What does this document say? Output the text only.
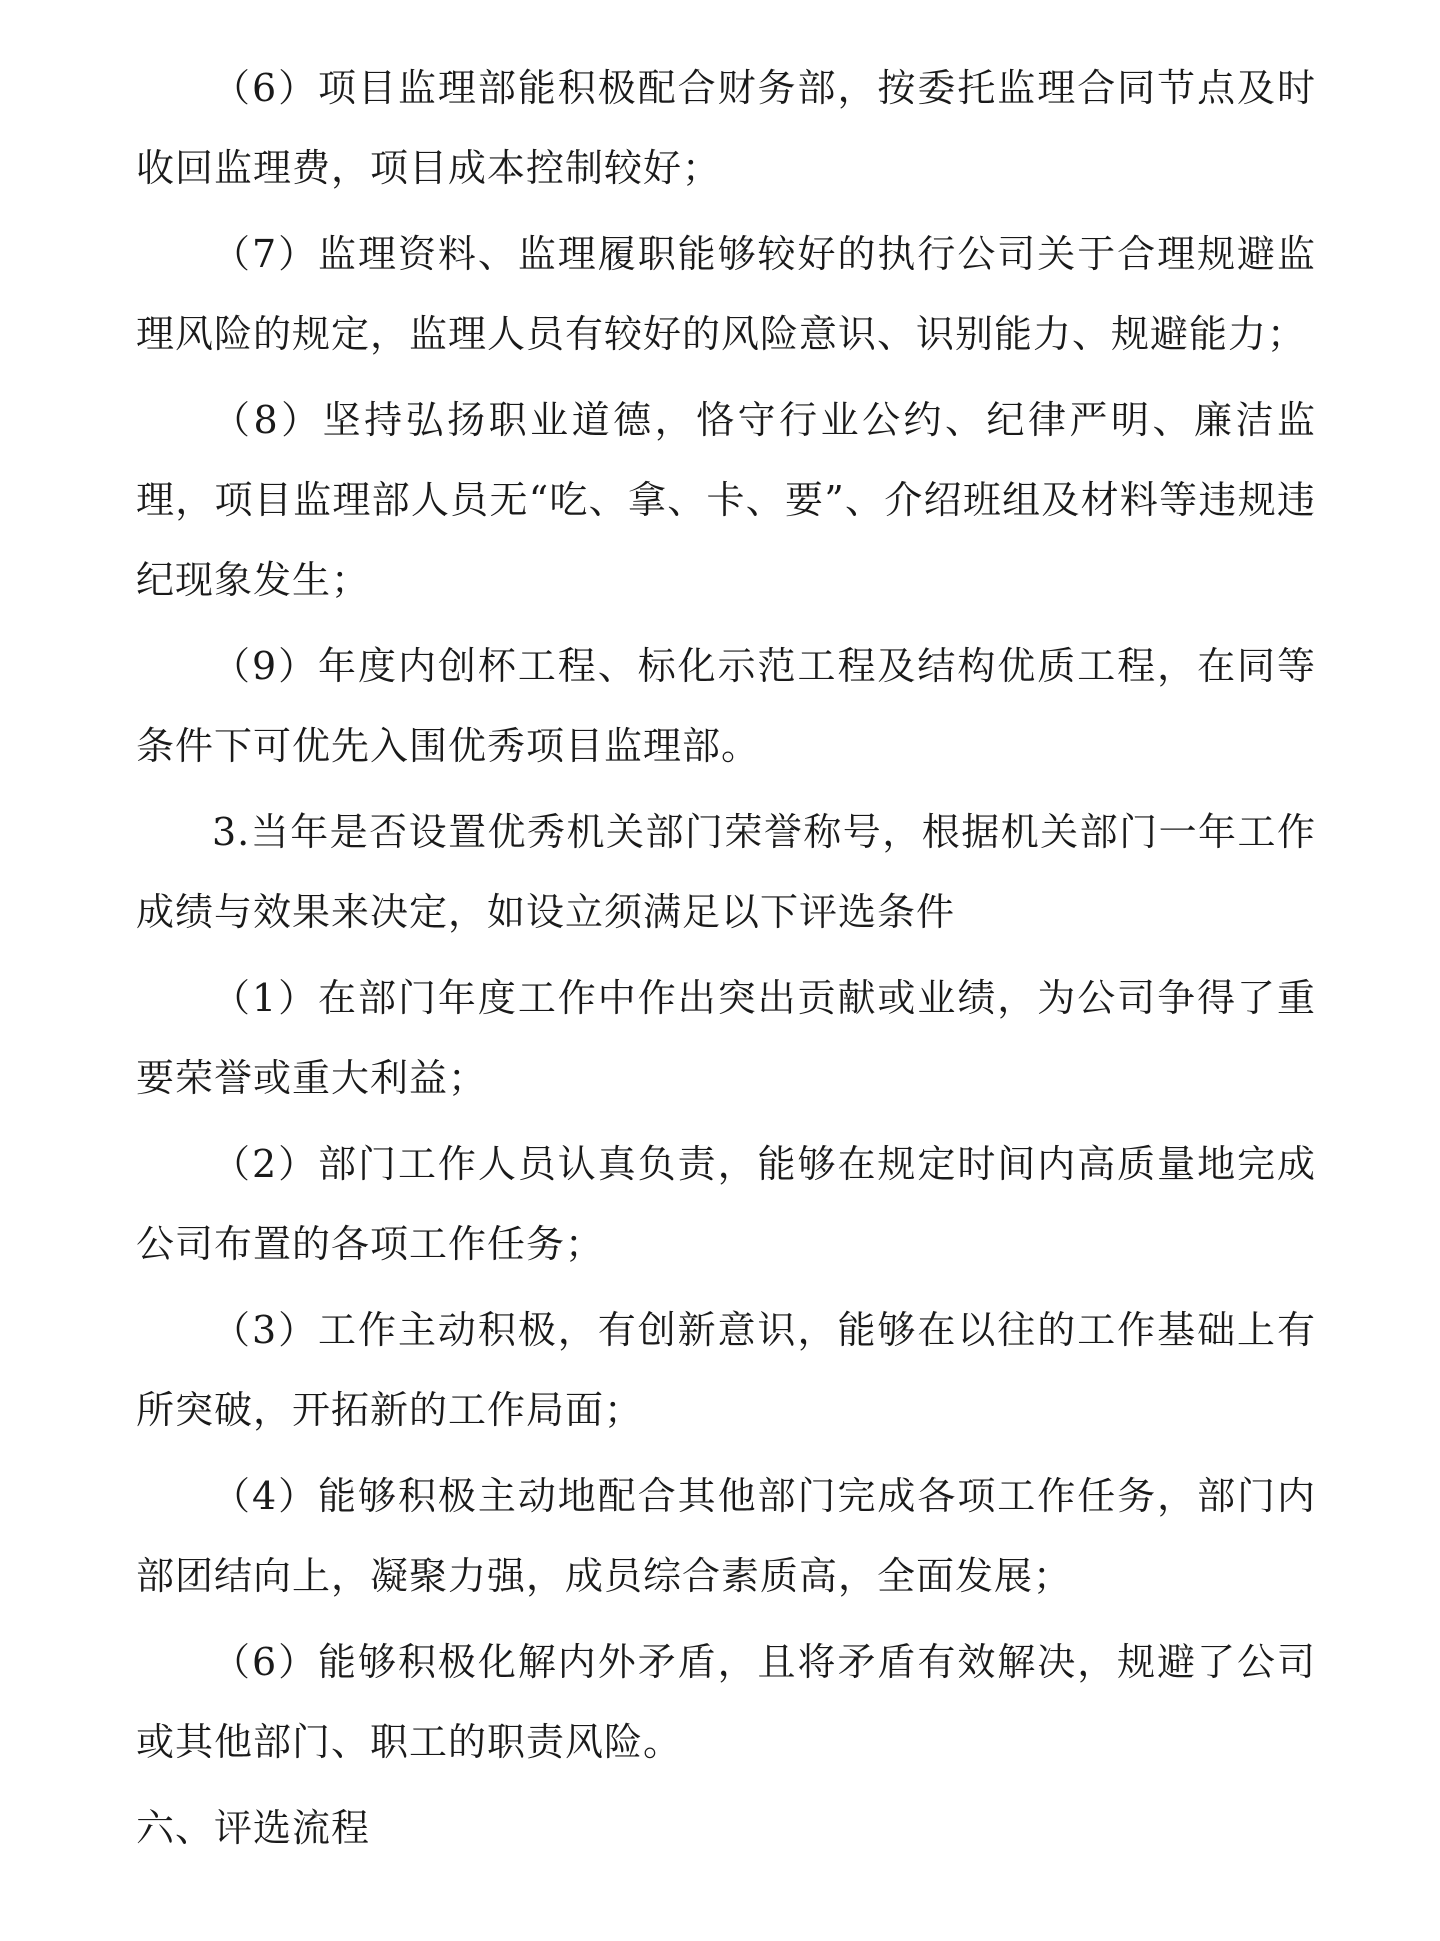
（6）项目监理部能积极配合财务部，按委托监理合同节点及时收回监理费，项目成本控制较好；

（7）监理资料、监理履职能够较好的执行公司关于合理规避监理风险的规定，监理人员有较好的风险意识、识别能力、规避能力；

（8）坚持弘扬职业道德，恪守行业公约、纪律严明、廉洁监理，项目监理部人员无“吃、拿、卡、要”、介绍班组及材料等违规违纪现象发生；

（9）年度内创杯工程、标化示范工程及结构优质工程，在同等条件下可优先入围优秀项目监理部。

3.当年是否设置优秀机关部门荣誉称号，根据机关部门一年工作成绩与效果来决定，如设立须满足以下评选条件

（1）在部门年度工作中作出突出贡献或业绩，为公司争得了重要荣誉或重大利益；

（2）部门工作人员认真负责，能够在规定时间内高质量地完成公司布置的各项工作任务；

（3）工作主动积极，有创新意识，能够在以往的工作基础上有所突破，开拓新的工作局面；

（4）能够积极主动地配合其他部门完成各项工作任务，部门内部团结向上，凝聚力强，成员综合素质高，全面发展；

（6）能够积极化解内外矛盾，且将矛盾有效解决，规避了公司或其他部门、职工的职责风险。

六、评选流程
